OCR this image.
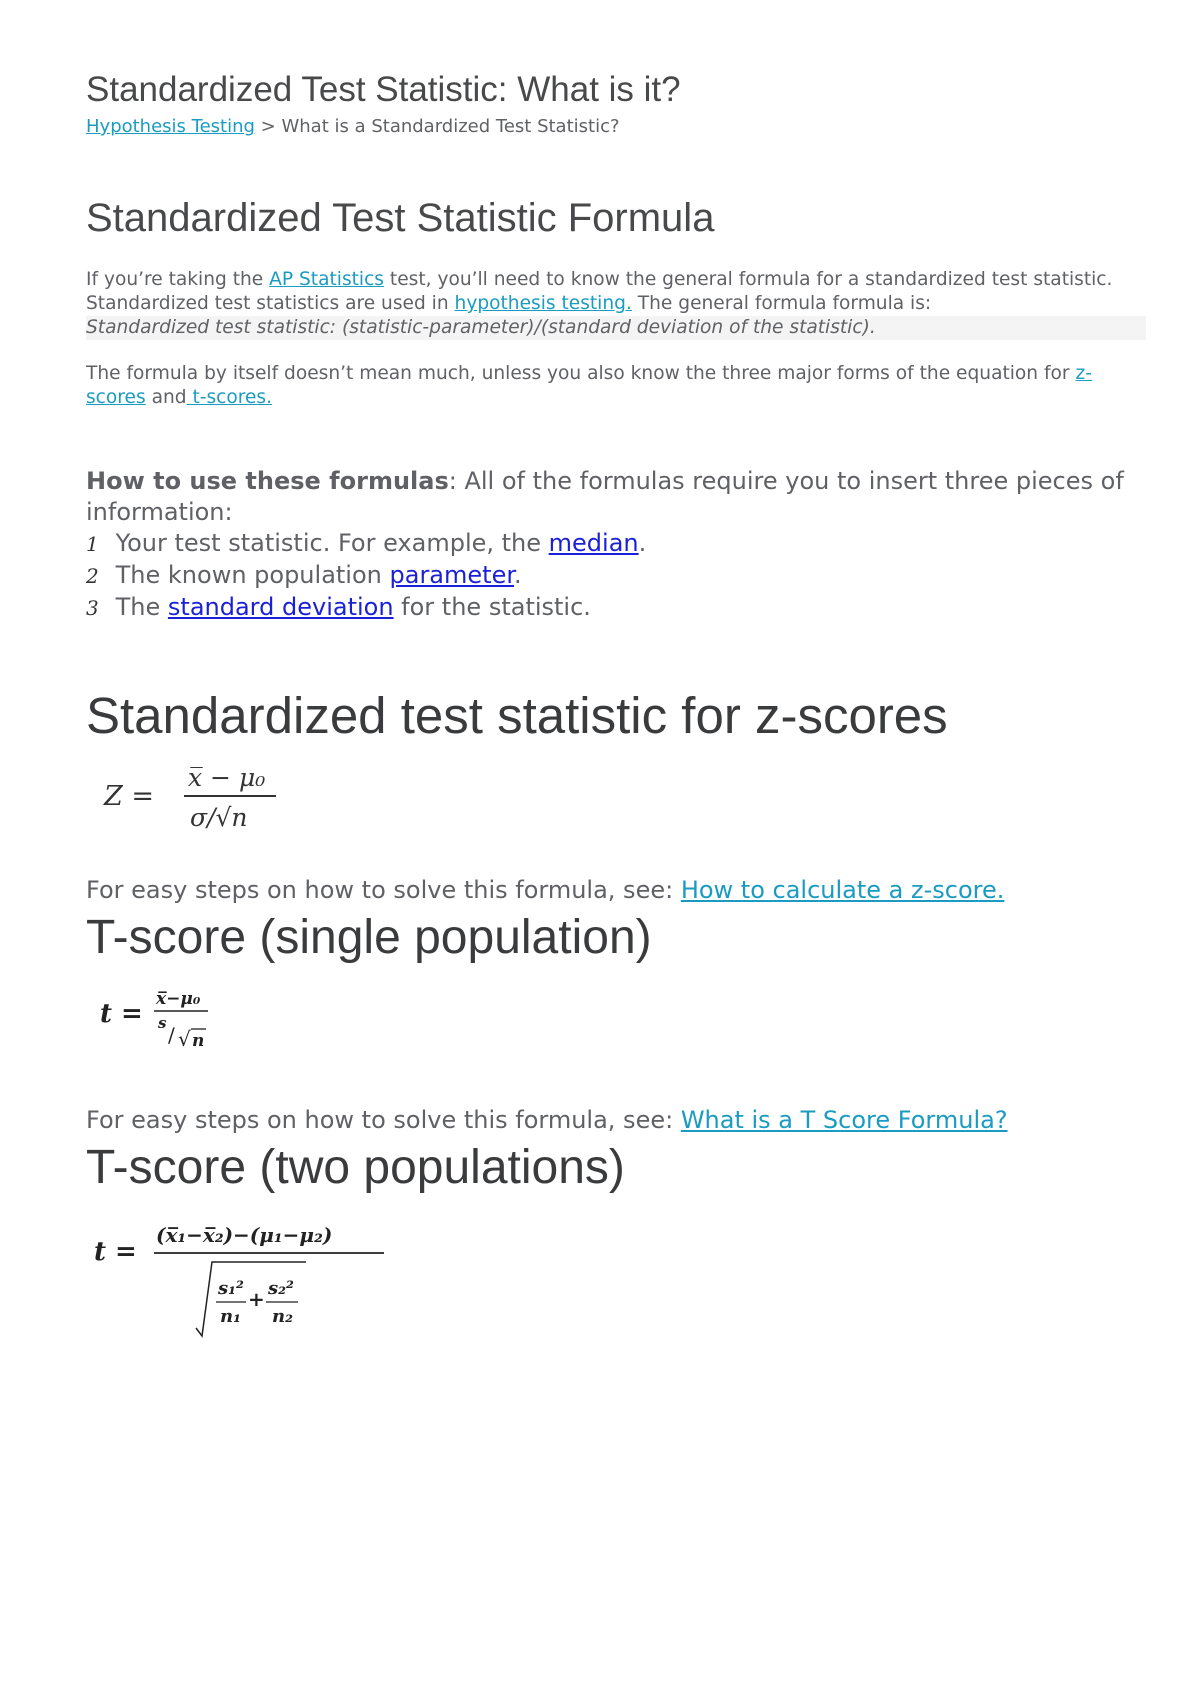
Standardized Test Statistic: What is it?
Hypothesis Testing > What is a Standardized Test Statistic?
Standardized Test Statistic Formula
If you’re taking the AP Statistics test, you’ll need to know the general formula for a standardized test statistic. Standardized test statistics are used in hypothesis testing. The general formula formula is:
Standardized test statistic: (statistic-parameter)/(standard deviation of the statistic).
The formula by itself doesn’t mean much, unless you also know the three major forms of the equation for z-scores and t-scores.
How to use these formulas: All of the formulas require you to insert three pieces of information:
1 Your test statistic. For example, the median.
2 The known population parameter.
3 The standard deviation for the statistic.
Standardized test statistic for z-scores
Z =
x̅ − μ₀
σ/√n
For easy steps on how to solve this formula, see: How to calculate a z-score.
T-score (single population)
t = x̅−μ₀
s / √ n
For easy steps on how to solve this formula, see: What is a T Score Formula?
T-score (two populations)
t =
(x̅₁−x̅₂)−(μ₁−μ₂)
s₁²
n₁
+ s₂²
n₂
